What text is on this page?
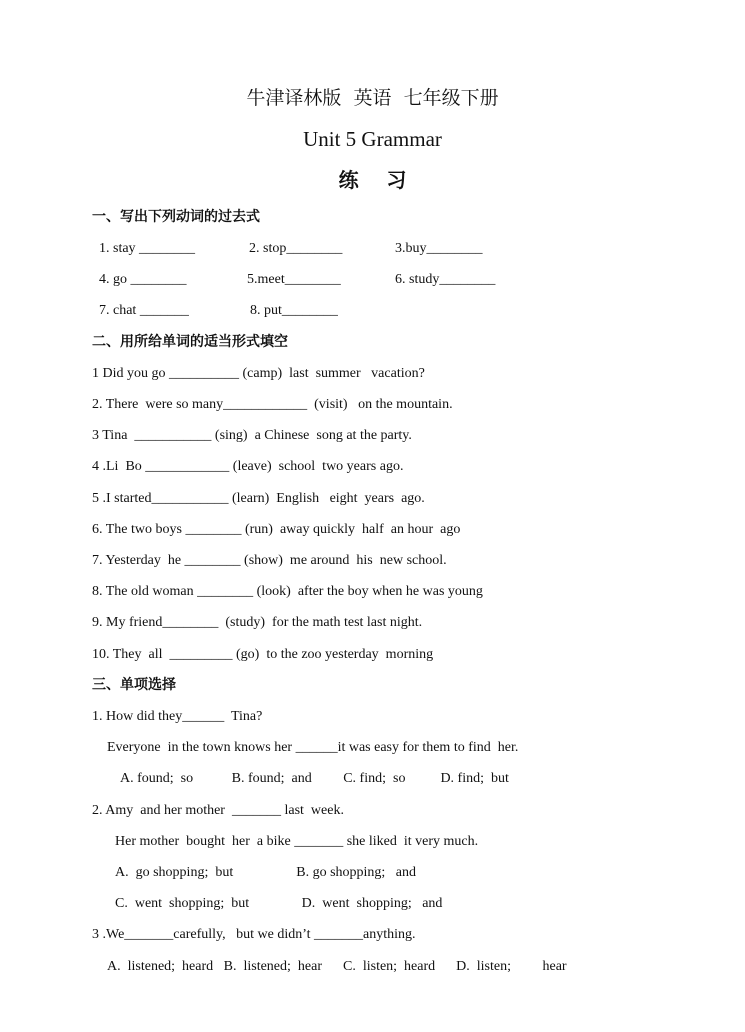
牛津译林版  英语  七年级下册
Unit 5 Grammar
练    习
一、写出下列动词的过去式
1. stay ________	2. stop________	3.buy________
4. go ________	5.meet________	6. study________
7. chat _______	8. put________
二、用所给单词的适当形式填空
1 Did you go __________ (camp)  last  summer   vacation?
2. There  were so many____________  (visit)   on the mountain.
3 Tina  ___________ (sing)  a Chinese  song at the party.
4 .Li  Bo ____________ (leave)  school  two years ago.
5 .I started___________ (learn)  English   eight  years  ago.
6. The two boys ________ (run)  away quickly  half  an hour  ago
7. Yesterday  he ________ (show)  me around  his  new school.
8. The old woman ________ (look)  after the boy when he was young
9. My friend________  (study)  for the math test last night.
10. They  all  _________ (go)  to the zoo yesterday  morning
三、单项选择
1. How did they______  Tina?
Everyone  in the town knows her ______it was easy for them to find  her.
A. found;  so           B. found;  and         C. find;  so          D. find;  but
2. Amy  and her mother  _______ last  week.
Her mother  bought  her  a bike _______ she liked  it very much.
A.  go shopping;  but                  B. go shopping;   and
C.  went  shopping;  but               D.  went  shopping;   and
3 .We_______carefully,   but we didn’t _______anything.
A.  listened;  heard   B.  listened;  hear      C.  listen;  heard      D.  listen;         hear
